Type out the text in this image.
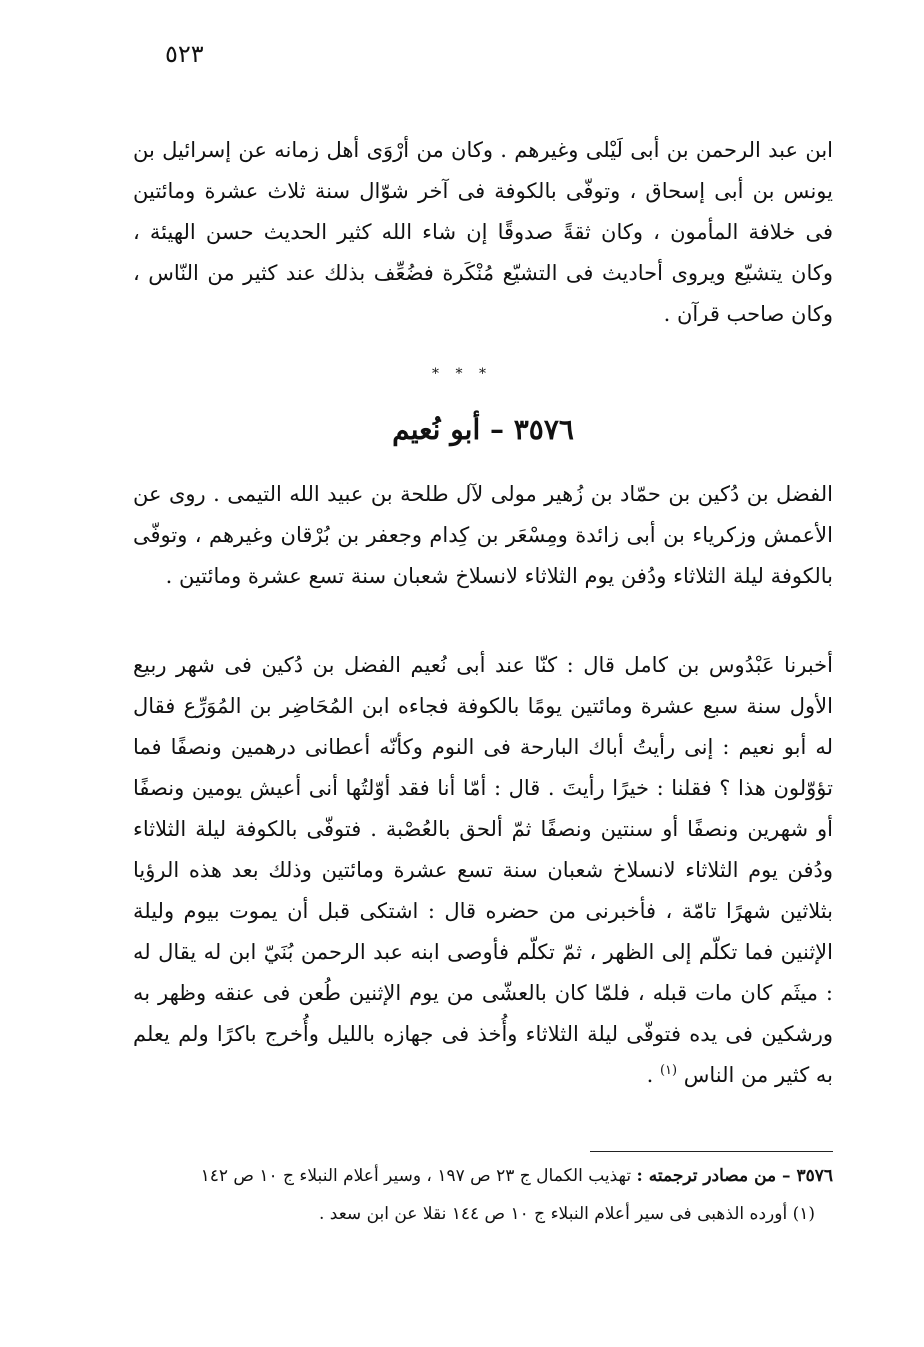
٥٢٣

ابن عبد الرحمن بن أبى لَيْلى وغيرهم . وكان من أرْوَى أهل زمانه عن إسرائيل بن يونس بن أبى إسحاق ، وتوفّى بالكوفة فى آخر شوّال سنة ثلاث عشرة ومائتين فى خلافة المأمون ، وكان ثقةً صدوقًا إن شاء الله كثير الحديث حسن الهيئة ، وكان يتشيّع ويروى أحاديث فى التشيّع مُنْكَرة فضُعِّف بذلك عند كثير من النّاس ، وكان صاحب قرآن .

* * *
٣٥٧٦ – أبو نُعيم

الفضل بن دُكين بن حمّاد بن زُهير مولى لآل طلحة بن عبيد الله التيمى . روى عن الأعمش وزكرياء بن أبى زائدة ومِسْعَر بن كِدام وجعفر بن بُرْقان وغيرهم ، وتوفّى بالكوفة ليلة الثلاثاء ودُفن يوم الثلاثاء لانسلاخ شعبان سنة تسع عشرة ومائتين .

أخبرنا عَبْدُوس بن كامل قال : كنّا عند أبى نُعيم الفضل بن دُكين فى شهر ربيع الأول سنة سبع عشرة ومائتين يومًا بالكوفة فجاءه ابن المُحَاضِر بن المُوَرِّع فقال له أبو نعيم : إنى رأيتُ أباك البارحة فى النوم وكأنّه أعطانى درهمين ونصفًا فما تؤوّلون هذا ؟ فقلنا : خيرًا رأيتَ . قال : أمّا أنا فقد أوّلتُها أنى أعيش يومين ونصفًا أو شهرين ونصفًا أو سنتين ونصفًا ثمّ ألحق بالعُصْبة . فتوفّى بالكوفة ليلة الثلاثاء ودُفن يوم الثلاثاء لانسلاخ شعبان سنة تسع عشرة ومائتين وذلك بعد هذه الرؤيا بثلاثين شهرًا تامّة ، فأخبرنى من حضره قال : اشتكى قبل أن يموت بيوم وليلة الإثنين فما تكلّم إلى الظهر ، ثمّ تكلّم فأوصى ابنه عبد الرحمن بُنَيّ ابن له يقال له : ميثَم كان مات قبله ، فلمّا كان بالعشّى من يوم الإثنين طُعن فى عنقه وظهر به ورشكين فى يده فتوفّى ليلة الثلاثاء وأُخذ فى جهازه بالليل وأُخرج باكرًا ولم يعلم به كثير من الناس $^{(١)}$ .

٣٥٧٦ – من مصادر ترجمته : تهذيب الكمال ج ٢٣ ص ١٩٧ ، وسير أعلام النبلاء ج ١٠ ص ١٤٢

(١) أورده الذهبى فى سير أعلام النبلاء ج ١٠ ص ١٤٤ نقلا عن ابن سعد .
